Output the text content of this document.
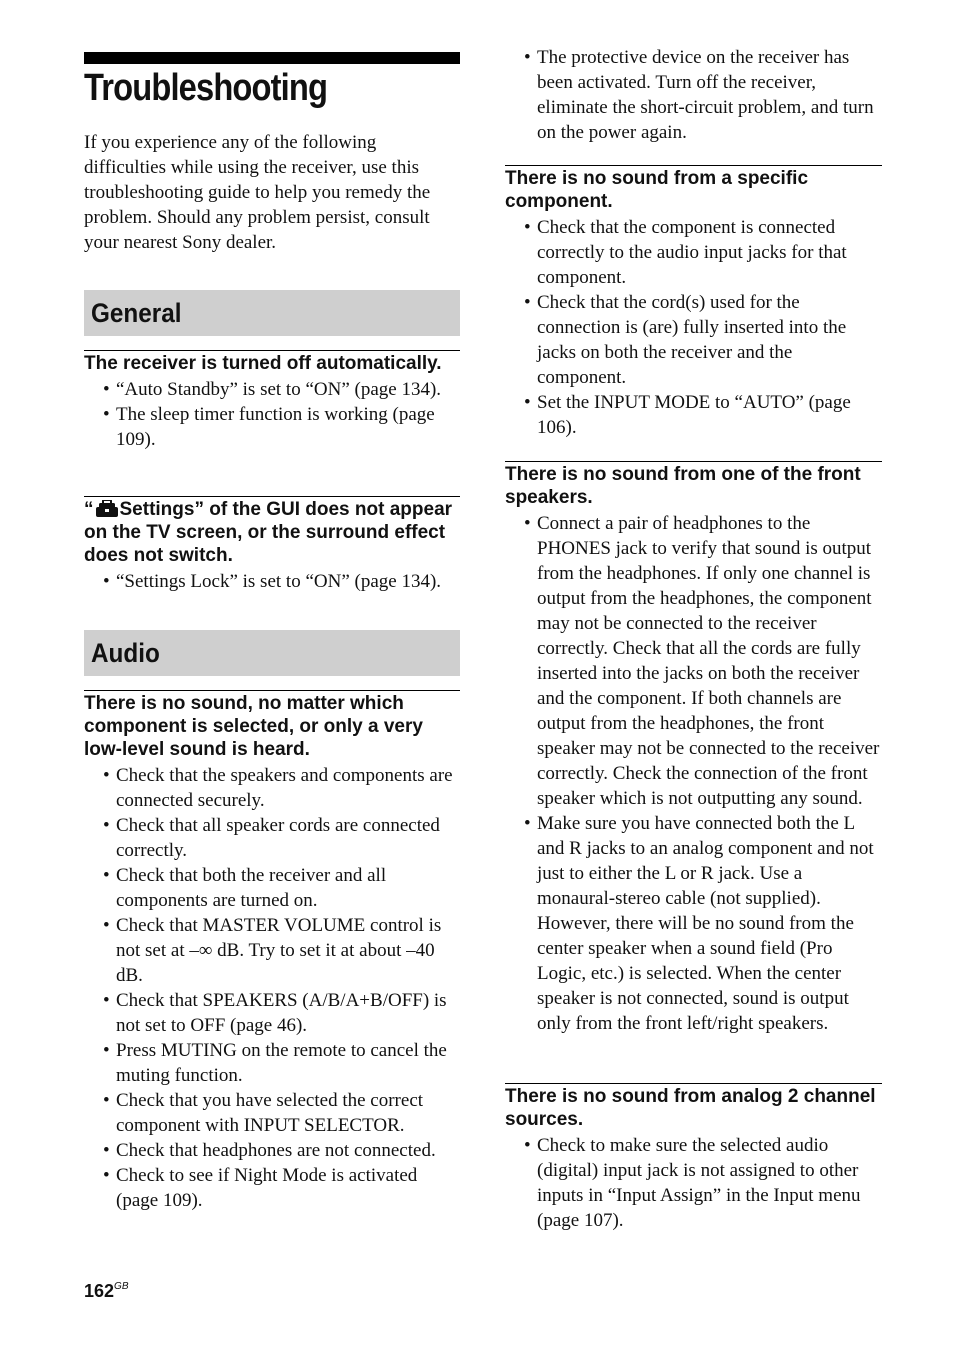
Troubleshooting

If you experience any of the following difficulties while using the receiver, use this troubleshooting guide to help you remedy the problem. Should any problem persist, consult your nearest Sony dealer.

General
The receiver is turned off automatically.
• “Auto Standby” is set to “ON” (page 134).
• The sleep timer function is working (page 109).
“ Settings” of the GUI does not appear on the TV screen, or the surround effect does not switch.
• “Settings Lock” is set to “ON” (page 134).
Audio
There is no sound, no matter which component is selected, or only a very low-level sound is heard.
• Check that the speakers and components are connected securely.
• Check that all speaker cords are connected correctly.
• Check that both the receiver and all components are turned on.
• Check that MASTER VOLUME control is not set at –∞ dB. Try to set it at about –40 dB.
• Check that SPEAKERS (A/B/A+B/OFF) is not set to OFF (page 46).
• Press MUTING on the remote to cancel the muting function.
• Check that you have selected the correct component with INPUT SELECTOR.
• Check that headphones are not connected.
• Check to see if Night Mode is activated (page 109).
• The protective device on the receiver has been activated. Turn off the receiver, eliminate the short-circuit problem, and turn on the power again.
There is no sound from a specific component.
• Check that the component is connected correctly to the audio input jacks for that component.
• Check that the cord(s) used for the connection is (are) fully inserted into the jacks on both the receiver and the component.
• Set the INPUT MODE to “AUTO” (page 106).
There is no sound from one of the front speakers.
• Connect a pair of headphones to the PHONES jack to verify that sound is output from the headphones. If only one channel is output from the headphones, the component may not be connected to the receiver correctly. Check that all the cords are fully inserted into the jacks on both the receiver and the component. If both channels are output from the headphones, the front speaker may not be connected to the receiver correctly. Check the connection of the front speaker which is not outputting any sound.
• Make sure you have connected both the L and R jacks to an analog component and not just to either the L or R jack. Use a monaural-stereo cable (not supplied). However, there will be no sound from the center speaker when a sound field (Pro Logic, etc.) is selected. When the center speaker is not connected, sound is output only from the front left/right speakers.
There is no sound from analog 2 channel sources.
• Check to make sure the selected audio (digital) input jack is not assigned to other inputs in “Input Assign” in the Input menu (page 107).
$162^{GB}$
